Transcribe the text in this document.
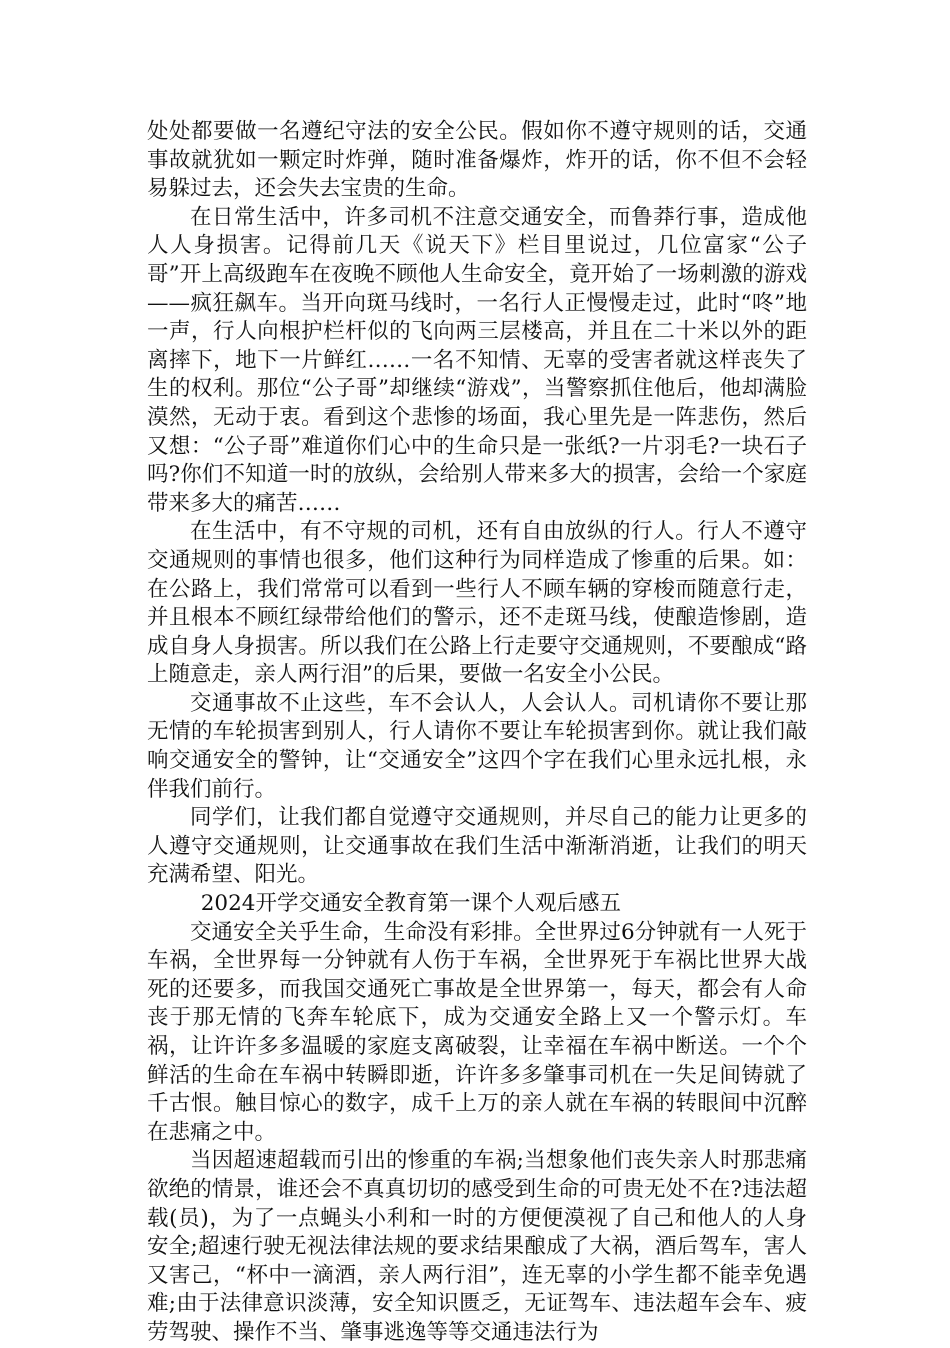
处处都要做一名遵纪守法的安全公民。假如你不遵守规则的话，交通事故就犹如一颗定时炸弹，随时准备爆炸，炸开的话，你不但不会轻易躲过去，还会失去宝贵的生命。

在日常生活中，许多司机不注意交通安全，而鲁莽行事，造成他人人身损害。记得前几天《说天下》栏目里说过，几位富家“公子哥”开上高级跑车在夜晚不顾他人生命安全，竟开始了一场刺激的游戏——疯狂飙车。当开向斑马线时，一名行人正慢慢走过，此时“咚”地一声，行人向根护栏杆似的飞向两三层楼高，并且在二十米以外的距离摔下，地下一片鲜红……一名不知情、无辜的受害者就这样丧失了生的权利。那位“公子哥”却继续“游戏”，当警察抓住他后，他却满脸漠然，无动于衷。看到这个悲惨的场面，我心里先是一阵悲伤，然后又想：“公子哥”难道你们心中的生命只是一张纸?一片羽毛?一块石子吗?你们不知道一时的放纵，会给别人带来多大的损害，会给一个家庭带来多大的痛苦……

在生活中，有不守规的司机，还有自由放纵的行人。行人不遵守交通规则的事情也很多，他们这种行为同样造成了惨重的后果。如：在公路上，我们常常可以看到一些行人不顾车辆的穿梭而随意行走，并且根本不顾红绿带给他们的警示，还不走斑马线，使酿造惨剧，造成自身人身损害。所以我们在公路上行走要守交通规则，不要酿成“路上随意走，亲人两行泪”的后果，要做一名安全小公民。

交通事故不止这些，车不会认人，人会认人。司机请你不要让那无情的车轮损害到别人，行人请你不要让车轮损害到你。就让我们敲响交通安全的警钟，让“交通安全”这四个字在我们心里永远扎根，永伴我们前行。

同学们，让我们都自觉遵守交通规则，并尽自己的能力让更多的人遵守交通规则，让交通事故在我们生活中渐渐消逝，让我们的明天充满希望、阳光。

2024开学交通安全教育第一课个人观后感五

交通安全关乎生命，生命没有彩排。全世界过6分钟就有一人死于车祸，全世界每一分钟就有人伤于车祸，全世界死于车祸比世界大战死的还要多，而我国交通死亡事故是全世界第一，每天，都会有人命丧于那无情的飞奔车轮底下，成为交通安全路上又一个警示灯。车祸，让许许多多温暖的家庭支离破裂，让幸福在车祸中断送。一个个鲜活的生命在车祸中转瞬即逝，许许多多肇事司机在一失足间铸就了千古恨。触目惊心的数字，成千上万的亲人就在车祸的转眼间中沉醉在悲痛之中。

当因超速超载而引出的惨重的车祸;当想象他们丧失亲人时那悲痛欲绝的情景，谁还会不真真切切的感受到生命的可贵无处不在?违法超载(员)，为了一点蝇头小利和一时的方便便漠视了自己和他人的人身安全;超速行驶无视法律法规的要求结果酿成了大祸，酒后驾车，害人又害己，“杯中一滴酒，亲人两行泪”，连无辜的小学生都不能幸免遇难;由于法律意识淡薄，安全知识匮乏，无证驾车、违法超车会车、疲劳驾驶、操作不当、肇事逃逸等等交通违法行为
